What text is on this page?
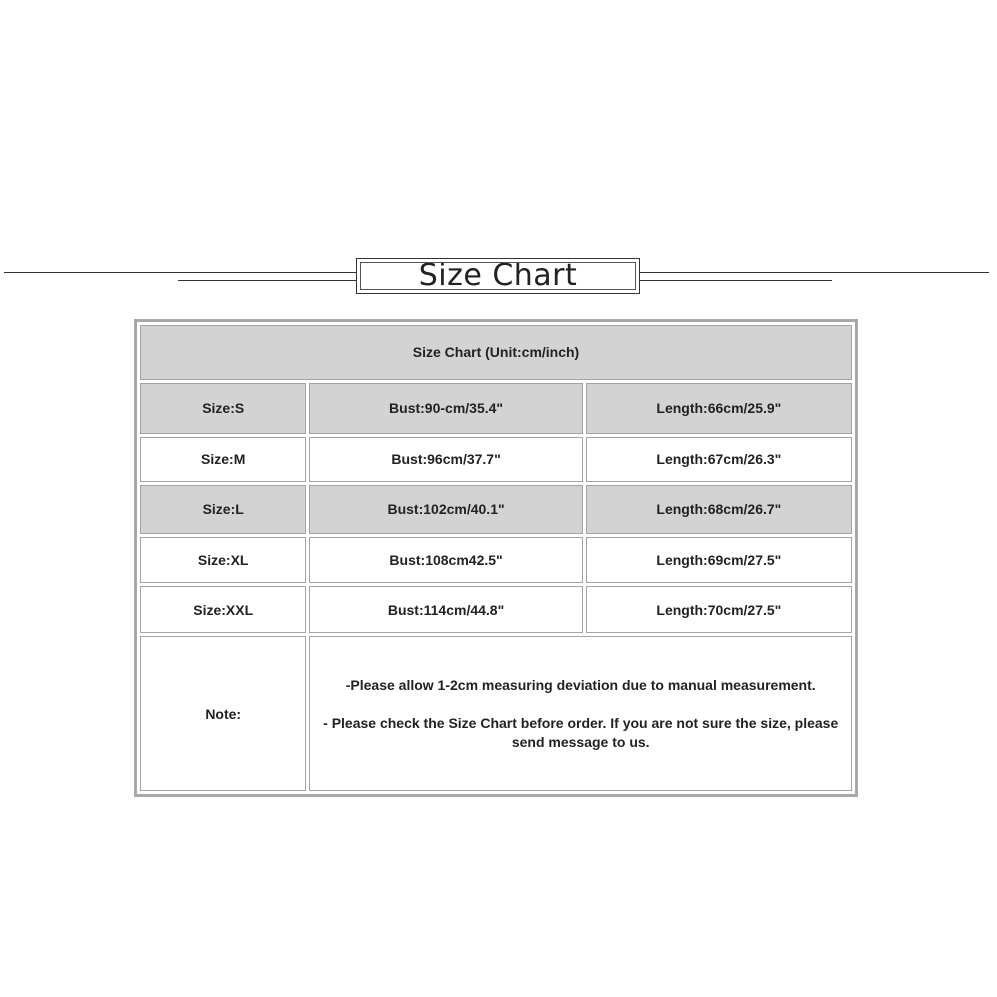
Size Chart
Size Chart (Unit:cm/inch)		
Size:S	Bust:90-cm/35.4"	Length:66cm/25.9"
Size:M	Bust:96cm/37.7"	Length:67cm/26.3"
Size:L	Bust:102cm/40.1"	Length:68cm/26.7"
Size:XL	Bust:108cm42.5"	Length:69cm/27.5"
Size:XXL	Bust:114cm/44.8"	Length:70cm/27.5"
Note:	-Please allow 1-2cm measuring deviation due to manual measurement.
- Please check the Size Chart before order. If you are not sure the size, please send message to us.	
